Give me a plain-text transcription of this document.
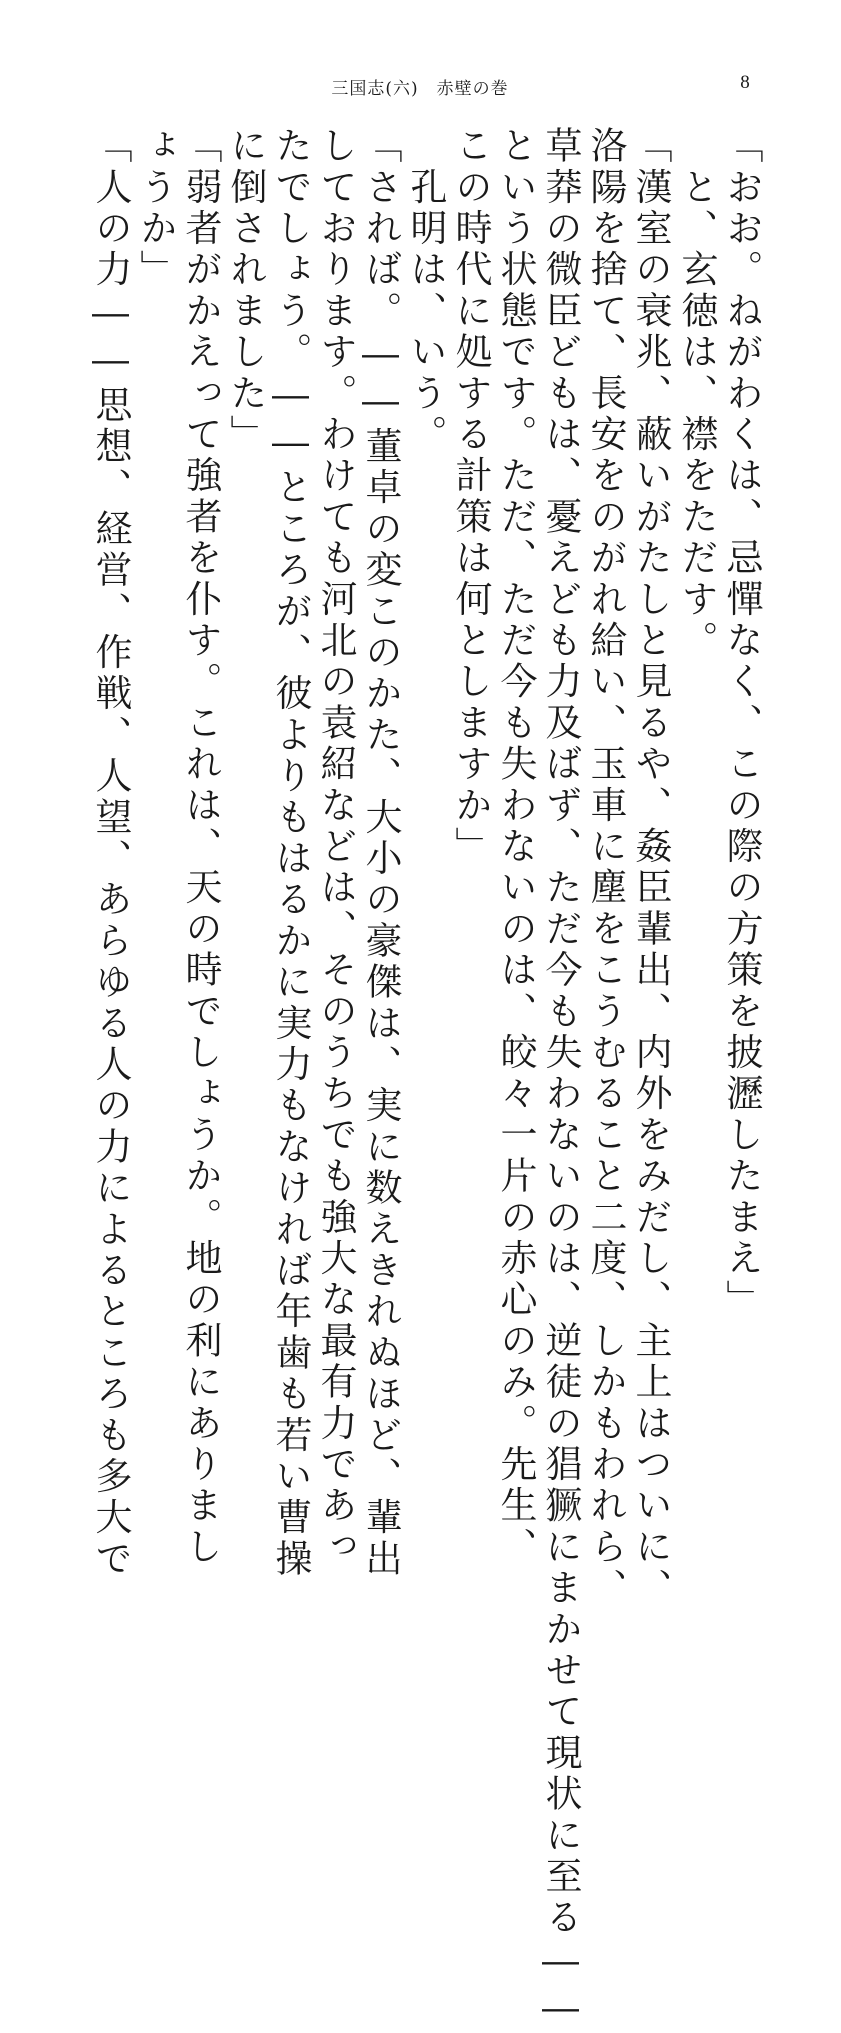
三国志(六)　赤壁の巻	8
「おお。ねがわくは、忌憚なく、この際の方策を披瀝したまえ」
　と、玄徳は、襟をただす。
「漢室の衰兆、蔽いがたしと見るや、姦臣輩出、内外をみだし、主上はついに、
洛陽を捨て、長安をのがれ給い、玉車に塵をこうむること二度、しかもわれら、
草莽の微臣どもは、憂えども力及ばず、ただ今も失わないのは、逆徒の猖獗にまかせて現状に至る――
という状態です。ただ、ただ今も失わないのは、皎々一片の赤心のみ。先生、
この時代に処する計策は何としますか」
　孔明は、いう。
「されば。――董卓の変このかた、大小の豪傑は、実に数えきれぬほど、輩出
しております。わけても河北の袁紹などは、そのうちでも強大な最有力であっ
たでしょう。――ところが、彼よりもはるかに実力もなければ年歯も若い曹操
に倒されました」
「弱者がかえって強者を仆す。これは、天の時でしょうか。地の利にありまし
ょうか」
「人の力――思想、経営、作戦、人望、あらゆる人の力によるところも多大で
